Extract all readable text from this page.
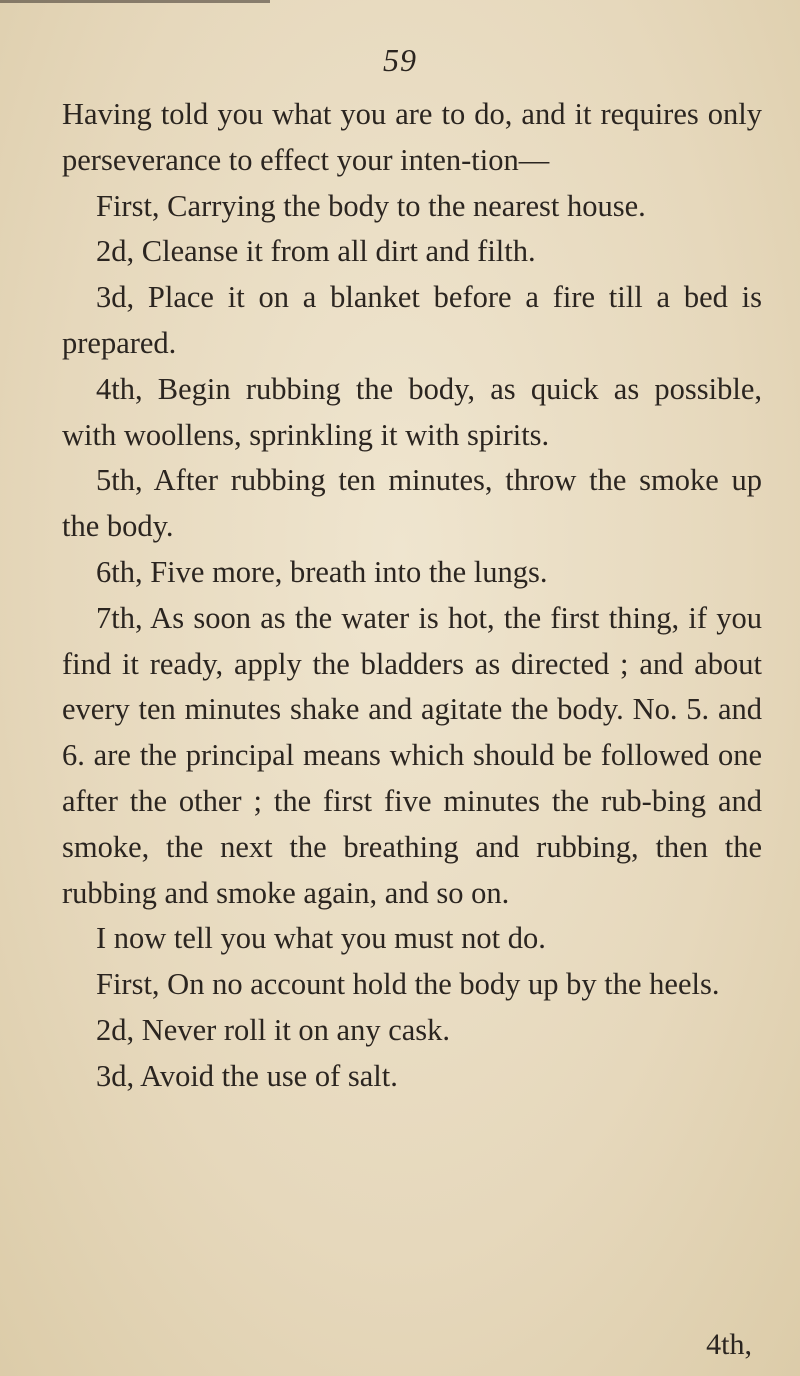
59

Having told you what you are to do, and it requires only perseverance to effect your inten-tion—

First, Carrying the body to the nearest house.

2d, Cleanse it from all dirt and filth.

3d, Place it on a blanket before a fire till a bed is prepared.

4th, Begin rubbing the body, as quick as possible, with woollens, sprinkling it with spirits.

5th, After rubbing ten minutes, throw the smoke up the body.

6th, Five more, breath into the lungs.

7th, As soon as the water is hot, the first thing, if you find it ready, apply the bladders as directed ; and about every ten minutes shake and agitate the body. No. 5. and 6. are the principal means which should be followed one after the other ; the first five minutes the rub-bing and smoke, the next the breathing and rubbing, then the rubbing and smoke again, and so on.

I now tell you what you must not do.

First, On no account hold the body up by the heels.

2d, Never roll it on any cask.

3d, Avoid the use of salt.

4th,
